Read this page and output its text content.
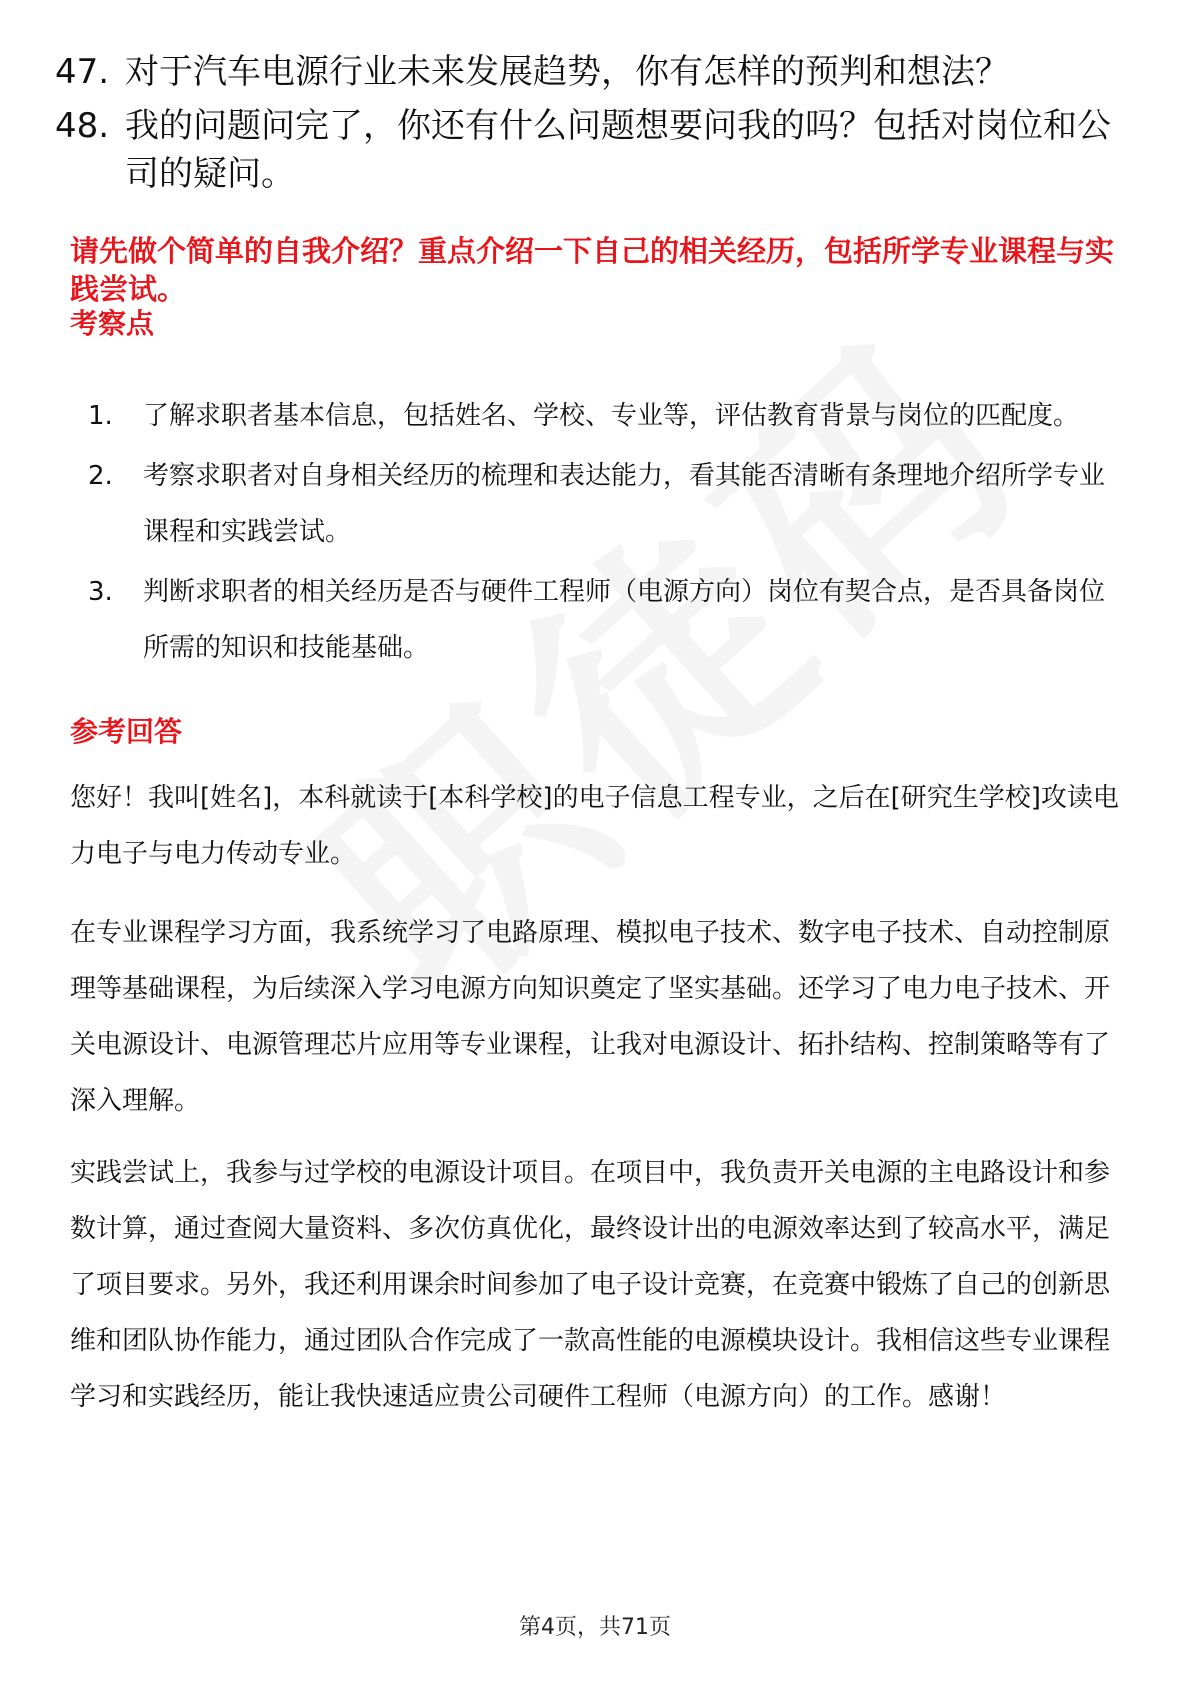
47. 对于汽车电源行业未来发展趋势，你有怎样的预判和想法？
48. 我的问题问完了，你还有什么问题想要问我的吗？包括对岗位和公司的疑问。

请先做个简单的自我介绍？重点介绍一下自己的相关经历，包括所学专业课程与实践尝试。

考察点

1.	了解求职者基本信息，包括姓名、学校、专业等，评估教育背景与岗位的匹配度。
2.	考察求职者对自身相关经历的梳理和表达能力，看其能否清晰有条理地介绍所学专业课程和实践尝试。
3.	判断求职者的相关经历是否与硬件工程师（电源方向）岗位有契合点，是否具备岗位所需的知识和技能基础。

参考回答

您好！我叫[姓名]，本科就读于[本科学校]的电子信息工程专业，之后在[研究生学校]攻读电力电子与电力传动专业。

在专业课程学习方面，我系统学习了电路原理、模拟电子技术、数字电子技术、自动控制原理等基础课程，为后续深入学习电源方向知识奠定了坚实基础。还学习了电力电子技术、开关电源设计、电源管理芯片应用等专业课程，让我对电源设计、拓扑结构、控制策略等有了深入理解。

实践尝试上，我参与过学校的电源设计项目。在项目中，我负责开关电源的主电路设计和参数计算，通过查阅大量资料、多次仿真优化，最终设计出的电源效率达到了较高水平，满足了项目要求。另外，我还利用课余时间参加了电子设计竞赛，在竞赛中锻炼了自己的创新思维和团队协作能力，通过团队合作完成了一款高性能的电源模块设计。我相信这些专业课程学习和实践经历，能让我快速适应贵公司硬件工程师（电源方向）的工作。感谢！

第4页，共71页
